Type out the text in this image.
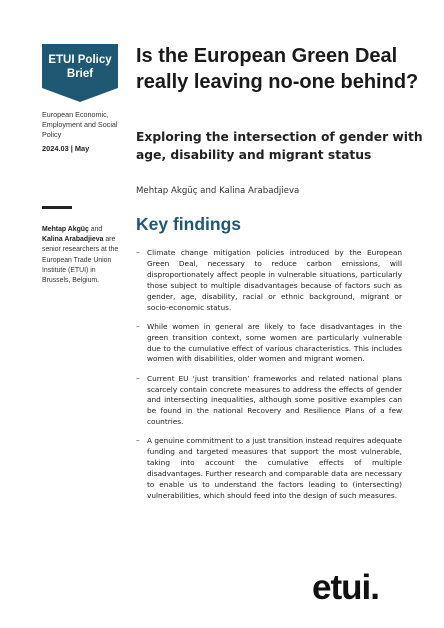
ETUI Policy
Brief
European Economic, Employment and Social Policy
2024.03 | May
Mehtap Akgüç and Kalina Arabadjieva are senior researchers at the European Trade Union Institute (ETUI) in Brussels, Belgium.
Is the European Green Deal really leaving no-one behind?
Exploring the intersection of gender with age, disability and migrant status
Mehtap Akgüç and Kalina Arabadjieva
Key findings
– Climate change mitigation policies introduced by the European Green Deal, necessary to reduce carbon emissions, will disproportionately affect people in vulnerable situations, particularly those subject to multiple disadvantages because of factors such as gender, age, disability, racial or ethnic background, migrant or socio-economic status.
– While women in general are likely to face disadvantages in the green transition context, some women are particularly vulnerable due to the cumulative effect of various characteristics. This includes women with disabilities, older women and migrant women.
– Current EU ‘just transition’ frameworks and related national plans scarcely contain concrete measures to address the effects of gender and intersecting inequalities, although some positive examples can be found in the national Recovery and Resilience Plans of a few countries.
– A genuine commitment to a just transition instead requires adequate funding and targeted measures that support the most vulnerable, taking into account the cumulative effects of multiple disadvantages. Further research and comparable data are necessary to enable us to understand the factors leading to (intersecting) vulnerabilities, which should feed into the design of such measures.
etui.
